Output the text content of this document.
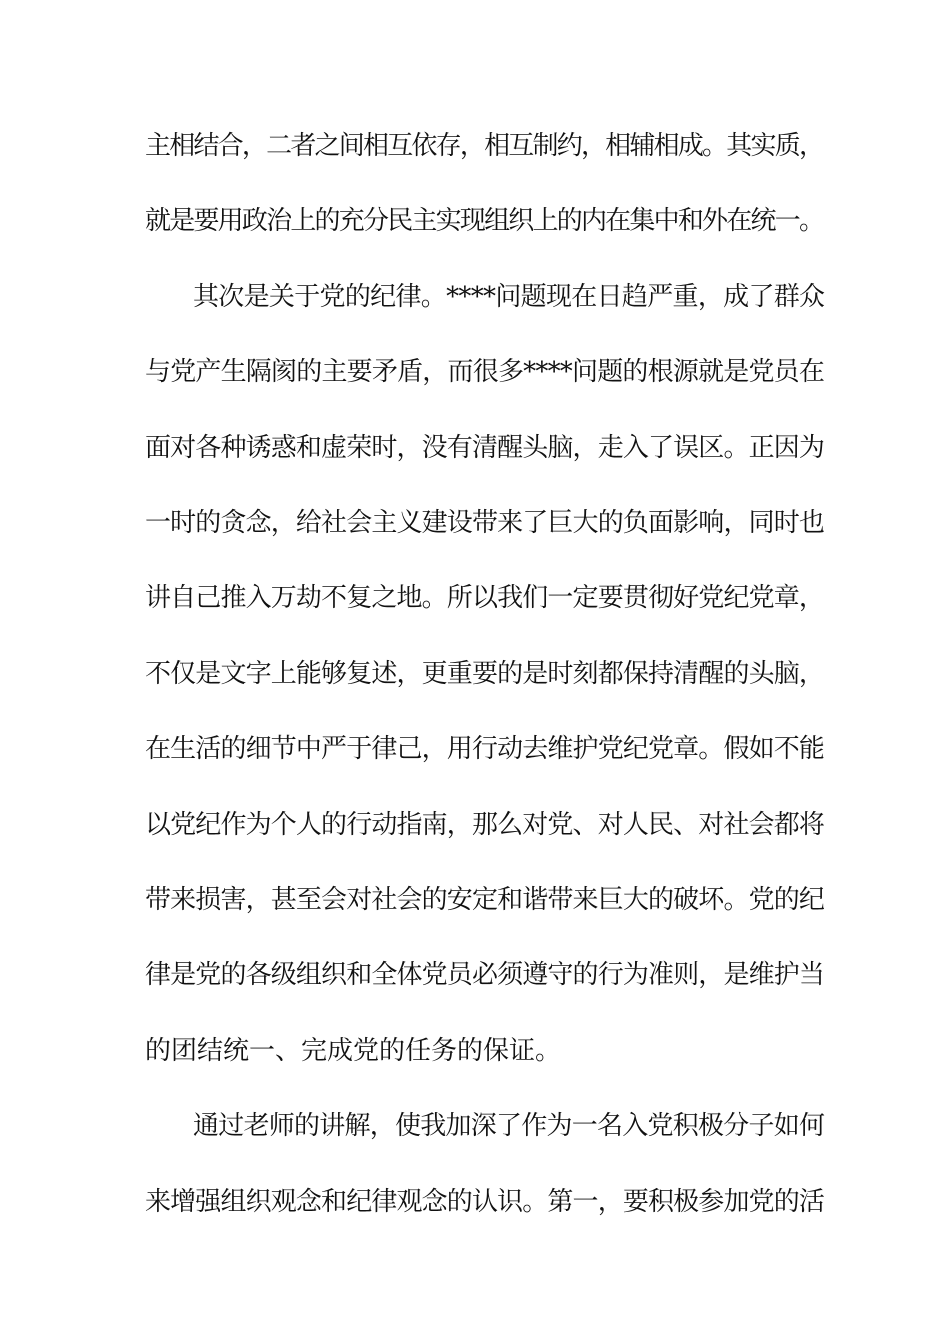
主相结合，二者之间相互依存，相互制约，相辅相成。其实质，
就是要用政治上的充分民主实现组织上的内在集中和外在统一。
其次是关于党的纪律。****问题现在日趋严重，成了群众
与党产生隔阂的主要矛盾，而很多****问题的根源就是党员在
面对各种诱惑和虚荣时，没有清醒头脑，走入了误区。正因为
一时的贪念，给社会主义建设带来了巨大的负面影响，同时也
讲自己推入万劫不复之地。所以我们一定要贯彻好党纪党章，
不仅是文字上能够复述，更重要的是时刻都保持清醒的头脑，
在生活的细节中严于律己，用行动去维护党纪党章。假如不能
以党纪作为个人的行动指南，那么对党、对人民、对社会都将
带来损害，甚至会对社会的安定和谐带来巨大的破坏。党的纪
律是党的各级组织和全体党员必须遵守的行为准则，是维护当
的团结统一、完成党的任务的保证。
通过老师的讲解，使我加深了作为一名入党积极分子如何
来增强组织观念和纪律观念的认识。第一，要积极参加党的活
